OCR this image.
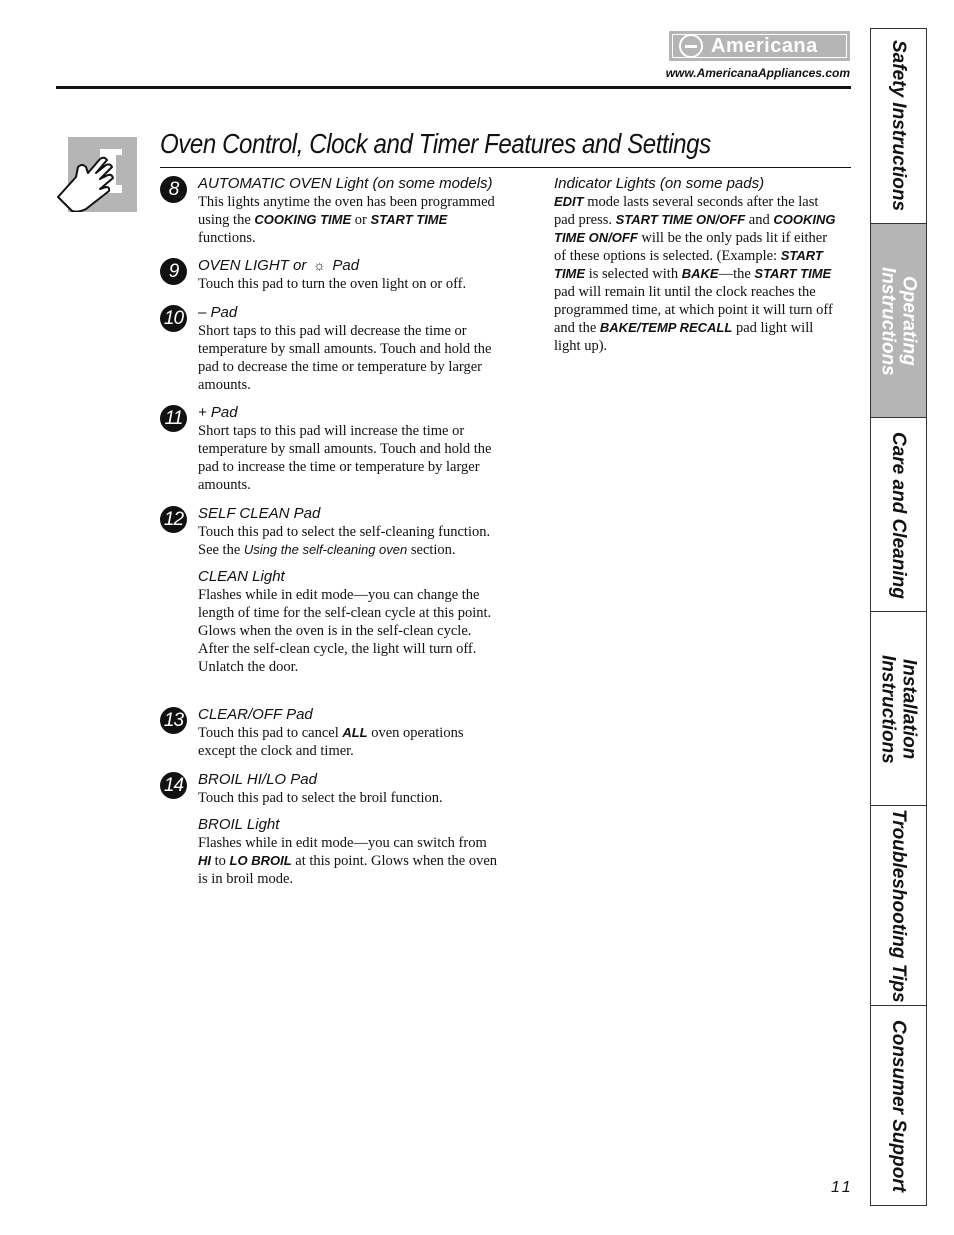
Americana
www.AmericanaAppliances.com
Oven Control, Clock and Timer Features and Settings
8	AUTOMATIC OVEN Light (on some models)
This lights anytime the oven has been programmed using the COOKING TIME or START TIME functions.
9	OVEN LIGHT or ☼ Pad
Touch this pad to turn the oven light on or off.
10 – Pad
Short taps to this pad will decrease the time or temperature by small amounts. Touch and hold the pad to decrease the time or temperature by larger amounts.
11	+ Pad
Short taps to this pad will increase the time or temperature by small amounts. Touch and hold the pad to increase the time or temperature by larger amounts.
12 SELF CLEAN Pad
Touch this pad to select the self-cleaning function. See the Using the self-cleaning oven section.
CLEAN Light
Flashes while in edit mode—you can change the length of time for the self-clean cycle at this point. Glows when the oven is in the self-clean cycle. After the self-clean cycle, the light will turn off. Unlatch the door.
13 CLEAR/OFF Pad
Touch this pad to cancel ALL oven operations except the clock and timer.
14 BROIL HI/LO Pad
Touch this pad to select the broil function.
BROIL Light
Flashes while in edit mode—you can switch from HI to LO BROIL at this point. Glows when the oven is in broil mode.
Indicator Lights (on some pads)
EDIT mode lasts several seconds after the last pad press. START TIME ON/OFF and COOKING TIME ON/OFF will be the only pads lit if either of these options is selected. (Example: START TIME is selected with BAKE—the START TIME pad will remain lit until the clock reaches the programmed time, at which point it will turn off and the BAKE/TEMP RECALL pad light will light up).
Safety Instructions
Operating Instructions
Care and Cleaning
Installation Instructions
Troubleshooting Tips
Consumer Support
11
